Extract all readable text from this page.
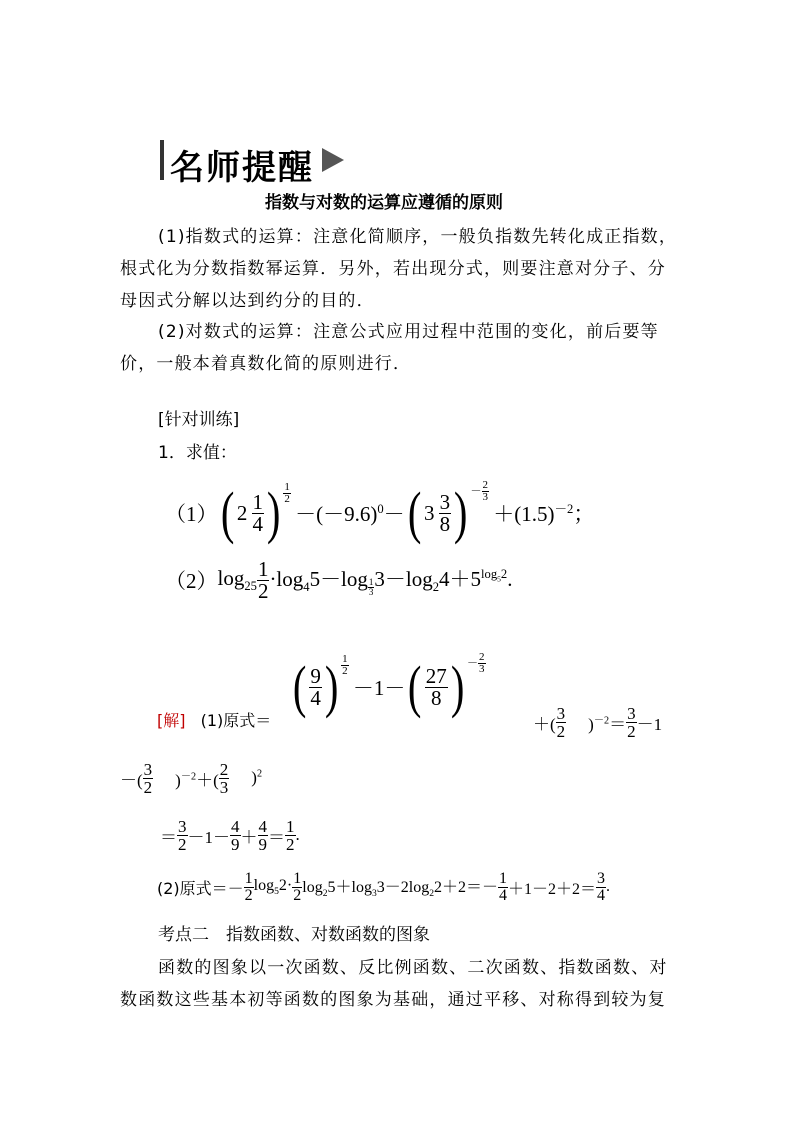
名师提醒
指数与对数的运算应遵循的原则
(1)指数式的运算：注意化简顺序，一般负指数先转化成正指数，
根式化为分数指数幂运算．另外，若出现分式，则要注意对分子、分
母因式分解以达到约分的目的．
(2)对数式的运算：注意公式应用过程中范围的变化，前后要等
价，一般本着真数化简的原则进行．
[针对训练]
1．求值：
（1） ( $2 \frac{1}{4}$ ) $\frac{1}{2}$
 $-(-9.6)^0-$ ( $3 \frac{3}{8}$ ) － $\frac{2}{3}$
 $+(1.5)^{-2}$；
（2） $\log_{25} \frac{1}{2} \cdot\log_45-\log$ $_{\frac{1}{3}}$ $3-\log_24+5^{log_52}$.
[解] (1)原式＝
( $\frac{9}{4}$ ) $\frac{1}{2}$
 －1－ ( $\frac{27}{8}$ ) － $\frac{2}{3}$
＋( $\frac{3}{2} )^{-2}= \frac{3}{2} -1$
－( $\frac{3}{2} )^{-2}+( \frac{2}{3} )^2$
＝ $\frac{3}{2} -1- \frac{4}{9} + \frac{4}{9} = \frac{1}{2}$ .
(2)原式＝－ $\frac{1}{2} \log_52\cdot \frac{1}{2} \log_25+\log_33-2\log_22+2=- \frac{1}{4} +1-2+2= \frac{3}{4}$ .
考点二　指数函数、对数函数的图象
函数的图象以一次函数、反比例函数、二次函数、指数函数、对
数函数这些基本初等函数的图象为基础，通过平移、对称得到较为复
